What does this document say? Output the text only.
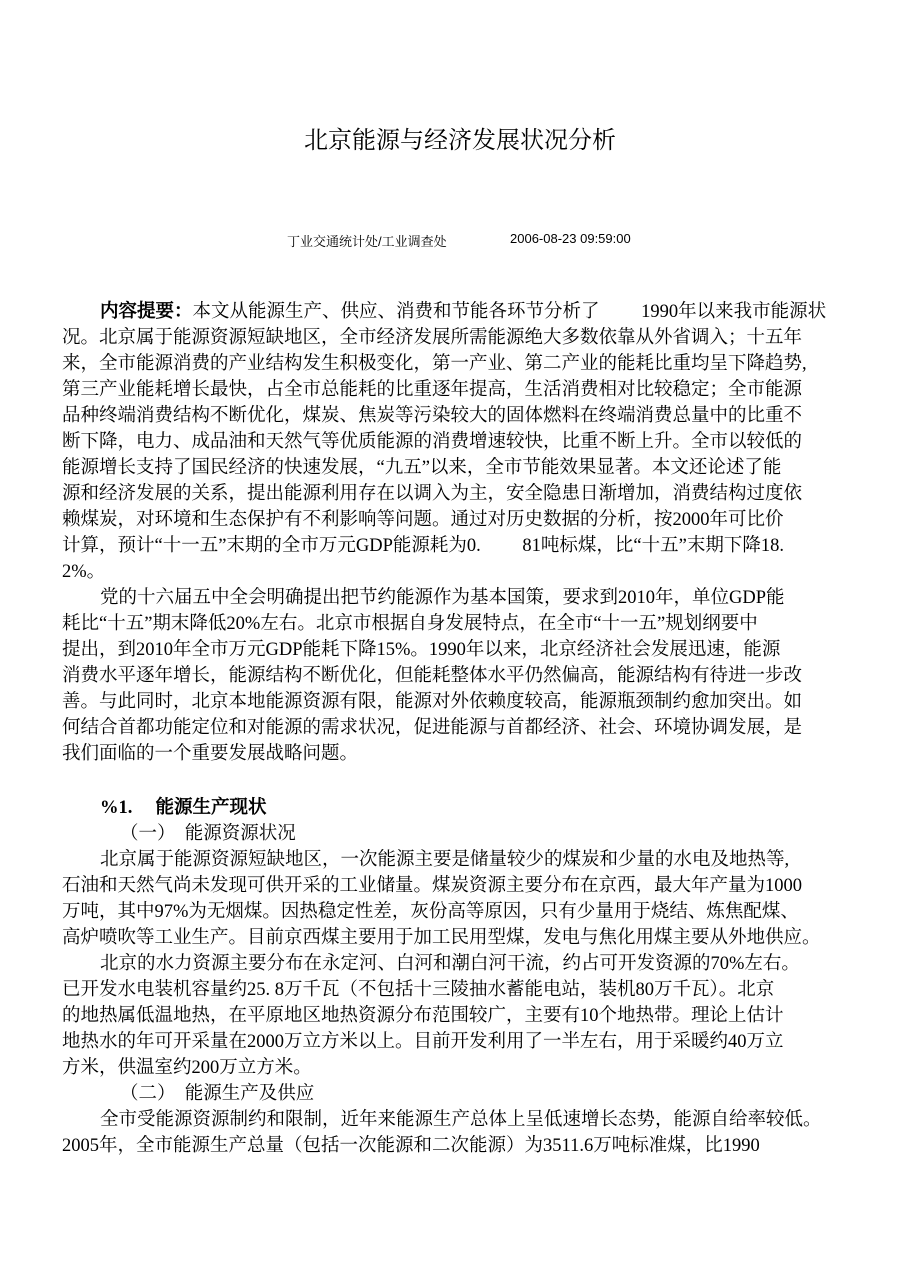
北京能源与经济发展状况分析
丁业交通统计处/工业调查处	2006-08-23 09:59:00
内容提要：本文从能源生产、供应、消费和节能各环节分析了　　 1990年以来我市能源状
况。北京属于能源资源短缺地区，全市经济发展所需能源绝大多数依靠从外省调入；十五年
来，全市能源消费的产业结构发生积极变化，第一产业、第二产业的能耗比重均呈下降趋势,
第三产业能耗增长最快，占全市总能耗的比重逐年提高，生活消费相对比较稳定；全市能源
品种终端消费结构不断优化，煤炭、焦炭等污染较大的固体燃料在终端消费总量中的比重不
断下降，电力、成品油和天然气等优质能源的消费增速较快，比重不断上升。全市以较低的
能源增长支持了国民经济的快速发展，“九五”以来，全市节能效果显著。本文还论述了能
源和经济发展的关系，提出能源利用存在以调入为主，安全隐患日渐增加，消费结构过度依
赖煤炭，对环境和生态保护有不利影响等问题。通过对历史数据的分析，按2000年可比价
计算，预计“十一五”末期的全市万元GDP能源耗为0.　　 81吨标煤，比“十五”末期下降18.
2%。
党的十六届五中全会明确提出把节约能源作为基本国策，要求到2010年，单位GDP能
耗比“十五”期末降低20%左右。北京市根据自身发展特点，在全市“十一五”规划纲要中
提出，到2010年全市万元GDP能耗下降15%。1990年以来，北京经济社会发展迅速，能源
消费水平逐年增长，能源结构不断优化，但能耗整体水平仍然偏高，能源结构有待进一步改
善。与此同时，北京本地能源资源有限，能源对外依赖度较高，能源瓶颈制约愈加突出。如
何结合首都功能定位和对能源的需求状况，促进能源与首都经济、社会、环境协调发展，是
我们面临的一个重要发展战略问题。
%1.　 能源生产现状
（一）　能源资源状况
北京属于能源资源短缺地区，一次能源主要是储量较少的煤炭和少量的水电及地热等,
石油和天然气尚未发现可供开采的工业储量。煤炭资源主要分布在京西，最大年产量为1000
万吨，其中97%为无烟煤。因热稳定性差，灰份高等原因，只有少量用于烧结、炼焦配煤、
高炉喷吹等工业生产。目前京西煤主要用于加工民用型煤，发电与焦化用煤主要从外地供应。
北京的水力资源主要分布在永定河、白河和潮白河干流，约占可开发资源的70%左右。
已开发水电装机容量约25. 8万千瓦（不包括十三陵抽水蓄能电站，装机80万千瓦）。北京
的地热属低温地热，在平原地区地热资源分布范围较广，主要有10个地热带。理论上估计
地热水的年可开采量在2000万立方米以上。目前开发利用了一半左右，用于采暖约40万立
方米，供温室约200万立方米。
（二）　能源生产及供应
全市受能源资源制约和限制，近年来能源生产总体上呈低速增长态势，能源自给率较低。
2005年，全市能源生产总量（包括一次能源和二次能源）为3511.6万吨标准煤，比1990
